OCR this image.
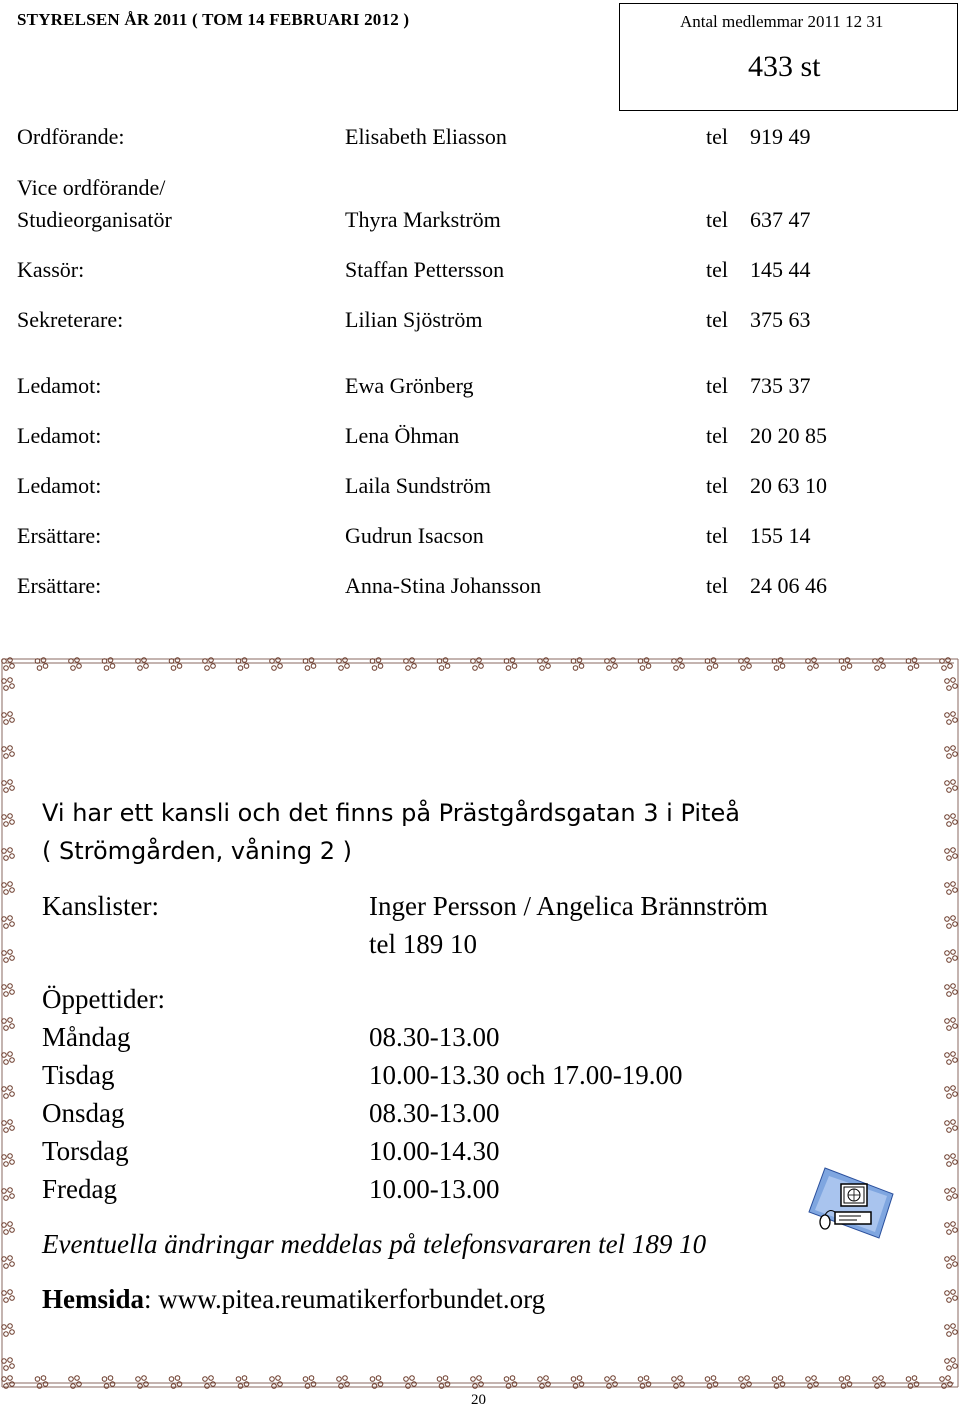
STYRELSEN ÅR 2011 ( TOM 14 FEBRUARI 2012 )	Antal medlemmar 2011 12 31
433 st
Ordförande:	Elisabeth Eliasson	tel 919 49
Vice ordförande/
Studieorganisatör	Thyra Markström	tel 637 47
Kassör:	Staffan Pettersson	tel 145 44
Sekreterare:	Lilian Sjöström	tel 375 63
Ledamot:	Ewa Grönberg	tel 735 37
Ledamot:	Lena Öhman	tel 20 20 85
Ledamot:	Laila Sundström	tel 20 63 10
Ersättare:	Gudrun Isacson	tel 155 14
Ersättare:	Anna-Stina Johansson	tel 24 06 46
Vi har ett kansli och det finns på Prästgårdsgatan 3 i Piteå
( Strömgården, våning 2 )
Kanslister:	Inger Persson / Angelica Brännström
tel 189 10
Öppettider:
Måndag	08.30-13.00
Tisdag	10.00-13.30 och 17.00-19.00
Onsdag	08.30-13.00
Torsdag	10.00-14.30
Fredag	10.00-13.00
Eventuella ändringar meddelas på telefonsvararen tel 189 10
Hemsida: www.pitea.reumatikerforbundet.org
20
